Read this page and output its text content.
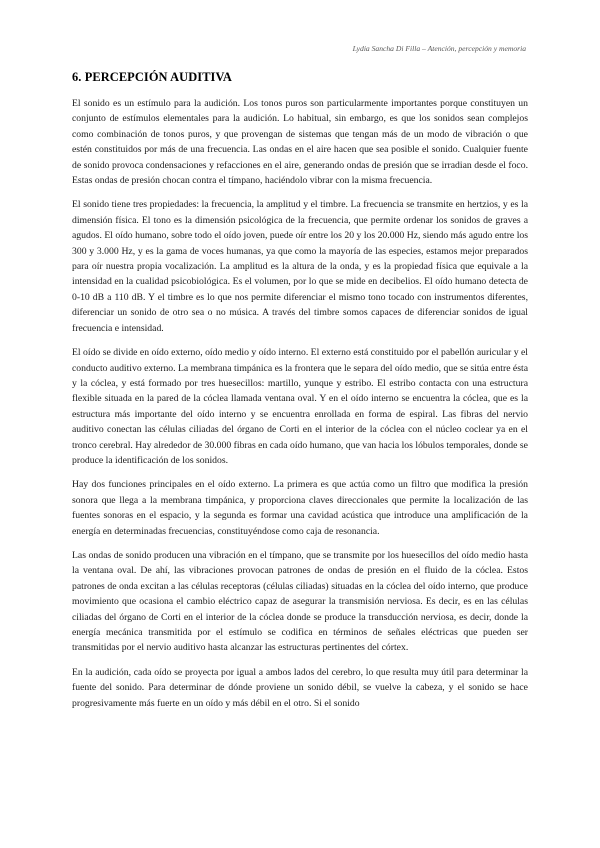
Lydia Sancha Di Filla – Atención, percepción y memoria
6. PERCEPCIÓN AUDITIVA

El sonido es un estímulo para la audición. Los tonos puros son particularmente importantes porque constituyen un conjunto de estímulos elementales para la audición. Lo habitual, sin embargo, es que los sonidos sean complejos como combinación de tonos puros, y que provengan de sistemas que tengan más de un modo de vibración o que estén constituidos por más de una frecuencia. Las ondas en el aire hacen que sea posible el sonido. Cualquier fuente de sonido provoca condensaciones y refacciones en el aire, generando ondas de presión que se irradian desde el foco. Estas ondas de presión chocan contra el tímpano, haciéndolo vibrar con la misma frecuencia.

El sonido tiene tres propiedades: la frecuencia, la amplitud y el timbre. La frecuencia se transmite en hertzios, y es la dimensión física. El tono es la dimensión psicológica de la frecuencia, que permite ordenar los sonidos de graves a agudos. El oído humano, sobre todo el oído joven, puede oír entre los 20 y los 20.000 Hz, siendo más agudo entre los 300 y 3.000 Hz, y es la gama de voces humanas, ya que como la mayoría de las especies, estamos mejor preparados para oír nuestra propia vocalización. La amplitud es la altura de la onda, y es la propiedad física que equivale a la intensidad en la cualidad psicobiológica. Es el volumen, por lo que se mide en decibelios. El oído humano detecta de 0-10 dB a 110 dB. Y el timbre es lo que nos permite diferenciar el mismo tono tocado con instrumentos diferentes, diferenciar un sonido de otro sea o no música. A través del timbre somos capaces de diferenciar sonidos de igual frecuencia e intensidad.

El oído se divide en oído externo, oído medio y oído interno. El externo está constituido por el pabellón auricular y el conducto auditivo externo. La membrana timpánica es la frontera que le separa del oído medio, que se sitúa entre ésta y la cóclea, y está formado por tres huesecillos: martillo, yunque y estribo. El estribo contacta con una estructura flexible situada en la pared de la cóclea llamada ventana oval. Y en el oído interno se encuentra la cóclea, que es la estructura más importante del oído interno y se encuentra enrollada en forma de espiral. Las fibras del nervio auditivo conectan las células ciliadas del órgano de Corti en el interior de la cóclea con el núcleo coclear ya en el tronco cerebral. Hay alrededor de 30.000 fibras en cada oído humano, que van hacia los lóbulos temporales, donde se produce la identificación de los sonidos.

Hay dos funciones principales en el oído externo. La primera es que actúa como un filtro que modifica la presión sonora que llega a la membrana timpánica, y proporciona claves direccionales que permite la localización de las fuentes sonoras en el espacio, y la segunda es formar una cavidad acústica que introduce una amplificación de la energía en determinadas frecuencias, constituyéndose como caja de resonancia.

Las ondas de sonido producen una vibración en el tímpano, que se transmite por los huesecillos del oído medio hasta la ventana oval. De ahí, las vibraciones provocan patrones de ondas de presión en el fluido de la cóclea. Estos patrones de onda excitan a las células receptoras (células ciliadas) situadas en la cóclea del oído interno, que produce movimiento que ocasiona el cambio eléctrico capaz de asegurar la transmisión nerviosa. Es decir, es en las células ciliadas del órgano de Corti en el interior de la cóclea donde se produce la transducción nerviosa, es decir, donde la energía mecánica transmitida por el estímulo se codifica en términos de señales eléctricas que pueden ser transmitidas por el nervio auditivo hasta alcanzar las estructuras pertinentes del córtex.

En la audición, cada oído se proyecta por igual a ambos lados del cerebro, lo que resulta muy útil para determinar la fuente del sonido. Para determinar de dónde proviene un sonido débil, se vuelve la cabeza, y el sonido se hace progresivamente más fuerte en un oído y más débil en el otro. Si el sonido
